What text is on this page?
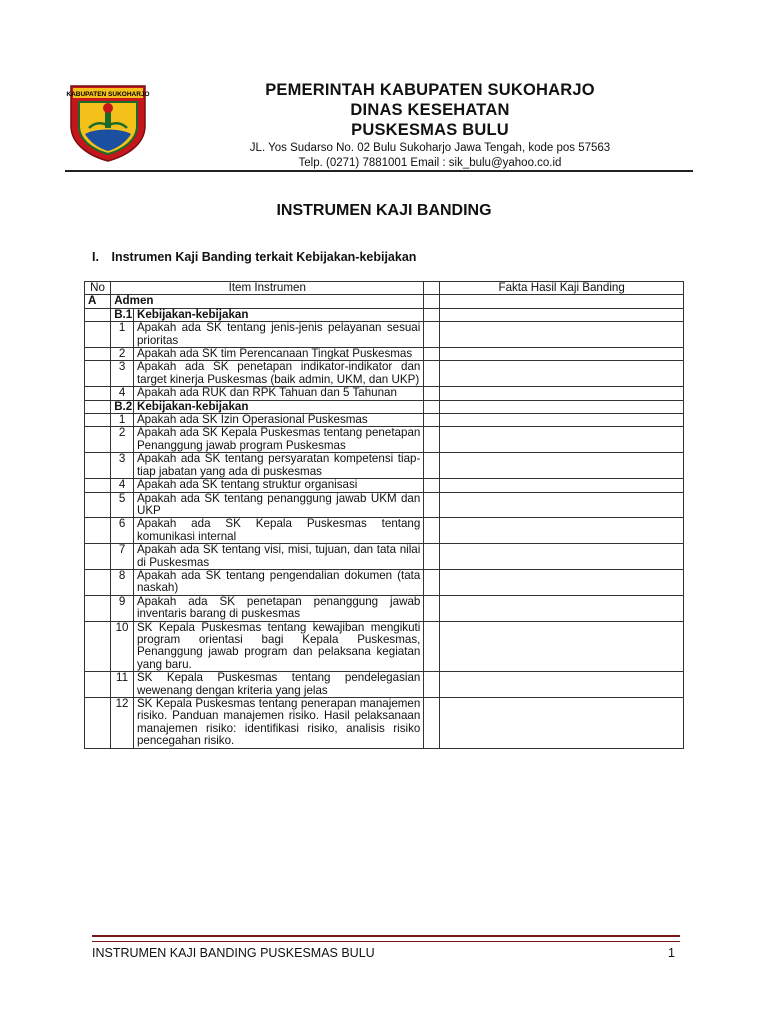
KABUPATEN SUKOHARJO	PEMERINTAH KABUPATEN SUKOHARJO
DINAS KESEHATAN
PUSKESMAS BULU
JL. Yos Sudarso No. 02 Bulu Sukoharjo Jawa Tengah, kode pos 57563
Telp. (0271) 7881001 Email : sik_bulu@yahoo.co.id
INSTRUMEN KAJI BANDING
I. Instrumen Kaji Banding terkait Kebijakan-kebijakan
No	Item Instrumen			Fakta Hasil Kaji Banding
A	Admen			
	B.1	Kebijakan-kebijakan		
	1	Apakah ada SK tentang jenis-jenis pelayanan sesuai prioritas		
	2	Apakah ada SK tim Perencanaan Tingkat Puskesmas		
	3	Apakah ada SK penetapan indikator-indikator dan target kinerja Puskesmas (baik admin, UKM, dan UKP)		
	4	Apakah ada RUK dan RPK Tahuan dan 5 Tahunan		
	B.2	Kebijakan-kebijakan		
	1	Apakah ada SK Izin Operasional Puskesmas		
	2	Apakah ada SK Kepala Puskesmas tentang penetapan Penanggung jawab program Puskesmas		
	3	Apakah ada SK tentang persyaratan kompetensi tiap-tiap jabatan yang ada di puskesmas		
	4	Apakah ada SK tentang struktur organisasi		
	5	Apakah ada SK tentang penanggung jawab UKM dan UKP		
	6	Apakah ada SK Kepala Puskesmas tentang komunikasi internal		
	7	Apakah ada SK tentang visi, misi, tujuan, dan tata nilai di Puskesmas		
	8	Apakah ada SK tentang pengendalian dokumen (tata naskah)		
	9	Apakah ada SK penetapan penanggung jawab inventaris barang di puskesmas		
	10	SK Kepala Puskesmas tentang kewajiban mengikuti program orientasi bagi Kepala Puskesmas, Penanggung jawab program dan pelaksana kegiatan yang baru.		
	11	SK Kepala Puskesmas tentang pendelegasian wewenang dengan kriteria yang jelas		
	12	SK Kepala Puskesmas tentang penerapan manajemen risiko. Panduan manajemen risiko. Hasil pelaksanaan manajemen risiko: identifikasi risiko, analisis risiko pencegahan risiko.		
INSTRUMEN KAJI BANDING PUSKESMAS BULU	1
